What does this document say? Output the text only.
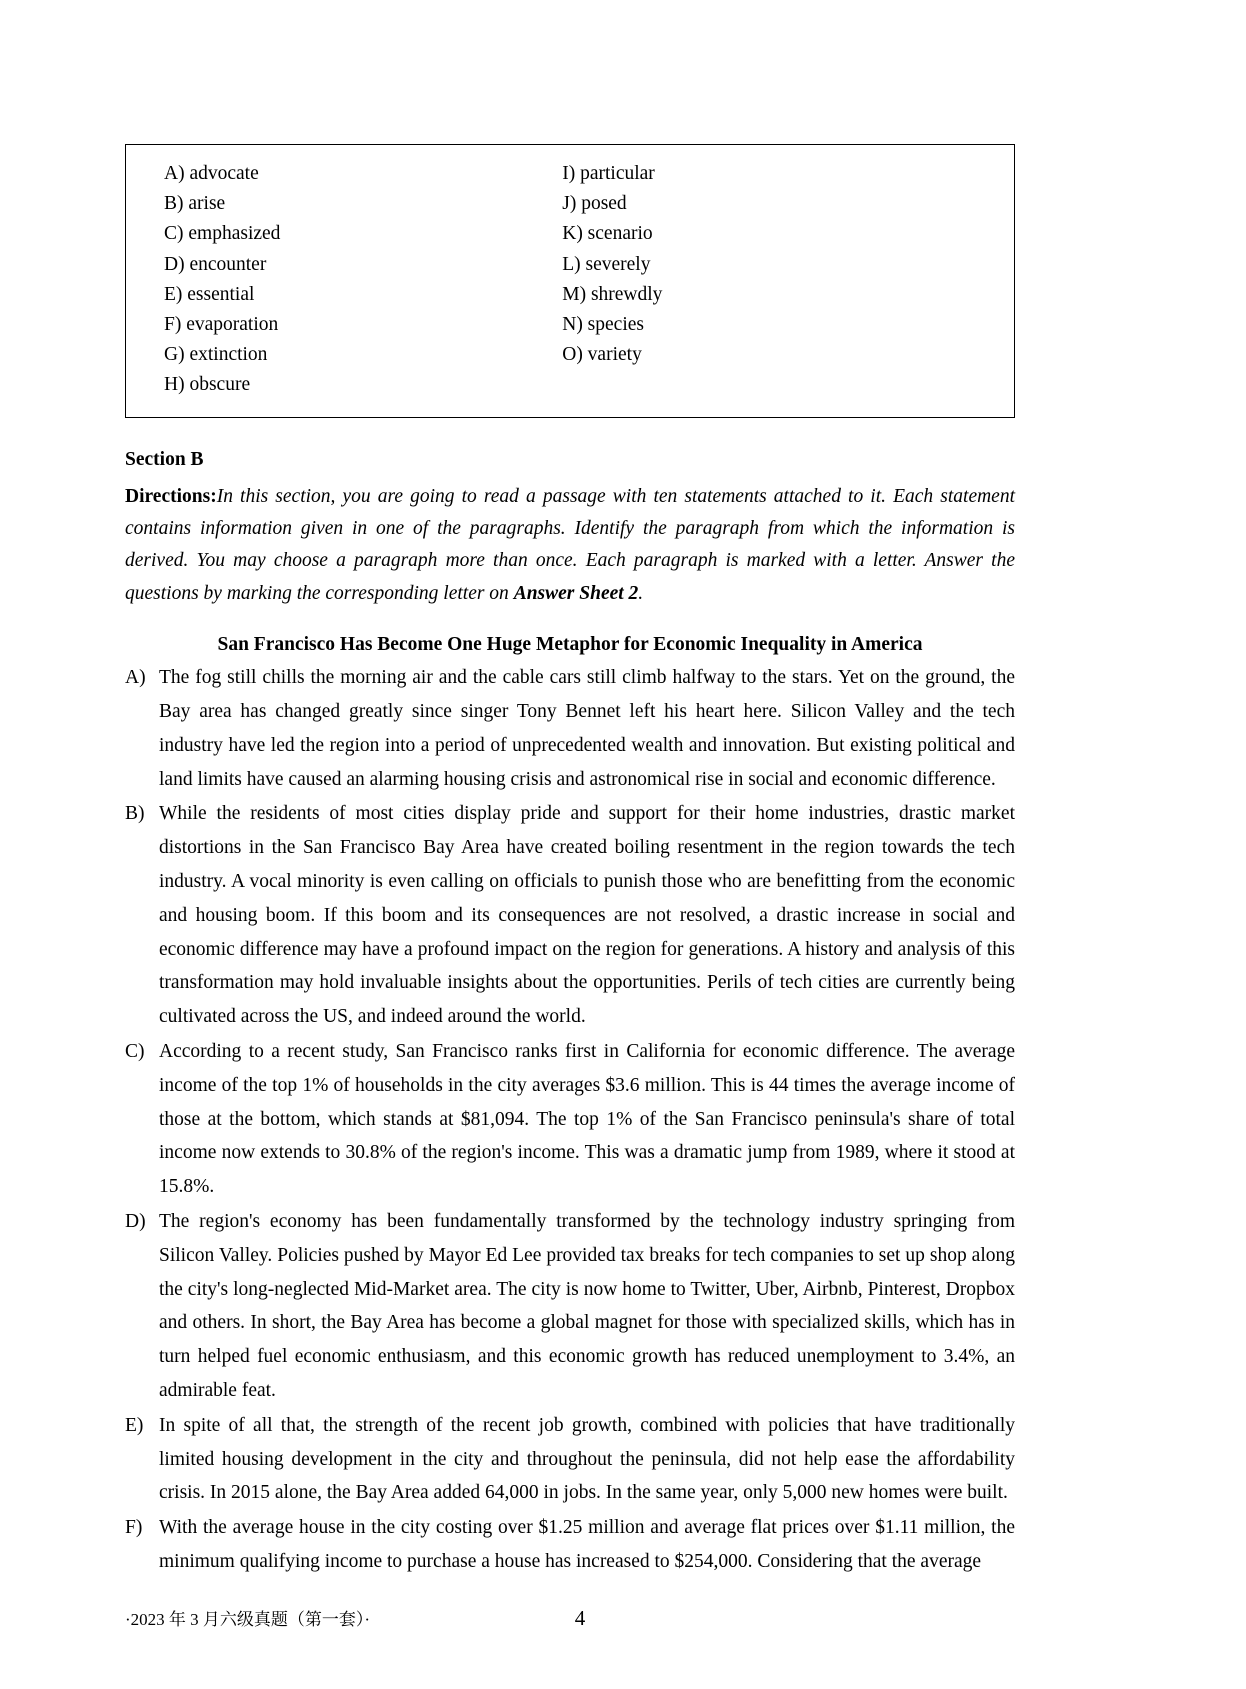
A) advocate
B) arise
C) emphasized
D) encounter
E) essential
F) evaporation
G) extinction
H) obscure
I) particular
J) posed
K) scenario
L) severely
M) shrewdly
N) species
O) variety
Section B
Directions:In this section, you are going to read a passage with ten statements attached to it. Each statement contains information given in one of the paragraphs. Identify the paragraph from which the information is derived. You may choose a paragraph more than once. Each paragraph is marked with a letter. Answer the questions by marking the corresponding letter on Answer Sheet 2.
San Francisco Has Become One Huge Metaphor for Economic Inequality in America
A) The fog still chills the morning air and the cable cars still climb halfway to the stars. Yet on the ground, the Bay area has changed greatly since singer Tony Bennet left his heart here. Silicon Valley and the tech industry have led the region into a period of unprecedented wealth and innovation. But existing political and land limits have caused an alarming housing crisis and astronomical rise in social and economic difference.
B) While the residents of most cities display pride and support for their home industries, drastic market distortions in the San Francisco Bay Area have created boiling resentment in the region towards the tech industry. A vocal minority is even calling on officials to punish those who are benefitting from the economic and housing boom. If this boom and its consequences are not resolved, a drastic increase in social and economic difference may have a profound impact on the region for generations. A history and analysis of this transformation may hold invaluable insights about the opportunities. Perils of tech cities are currently being cultivated across the US, and indeed around the world.
C) According to a recent study, San Francisco ranks first in California for economic difference. The average income of the top 1% of households in the city averages $3.6 million. This is 44 times the average income of those at the bottom, which stands at $81,094. The top 1% of the San Francisco peninsula's share of total income now extends to 30.8% of the region's income. This was a dramatic jump from 1989, where it stood at 15.8%.
D) The region's economy has been fundamentally transformed by the technology industry springing from Silicon Valley. Policies pushed by Mayor Ed Lee provided tax breaks for tech companies to set up shop along the city's long-neglected Mid-Market area. The city is now home to Twitter, Uber, Airbnb, Pinterest, Dropbox and others. In short, the Bay Area has become a global magnet for those with specialized skills, which has in turn helped fuel economic enthusiasm, and this economic growth has reduced unemployment to 3.4%, an admirable feat.
E) In spite of all that, the strength of the recent job growth, combined with policies that have traditionally limited housing development in the city and throughout the peninsula, did not help ease the affordability crisis. In 2015 alone, the Bay Area added 64,000 in jobs. In the same year, only 5,000 new homes were built.
F) With the average house in the city costing over $1.25 million and average flat prices over $1.11 million, the minimum qualifying income to purchase a house has increased to $254,000. Considering that the average
·2023 年 3 月六级真题（第一套）·	4
